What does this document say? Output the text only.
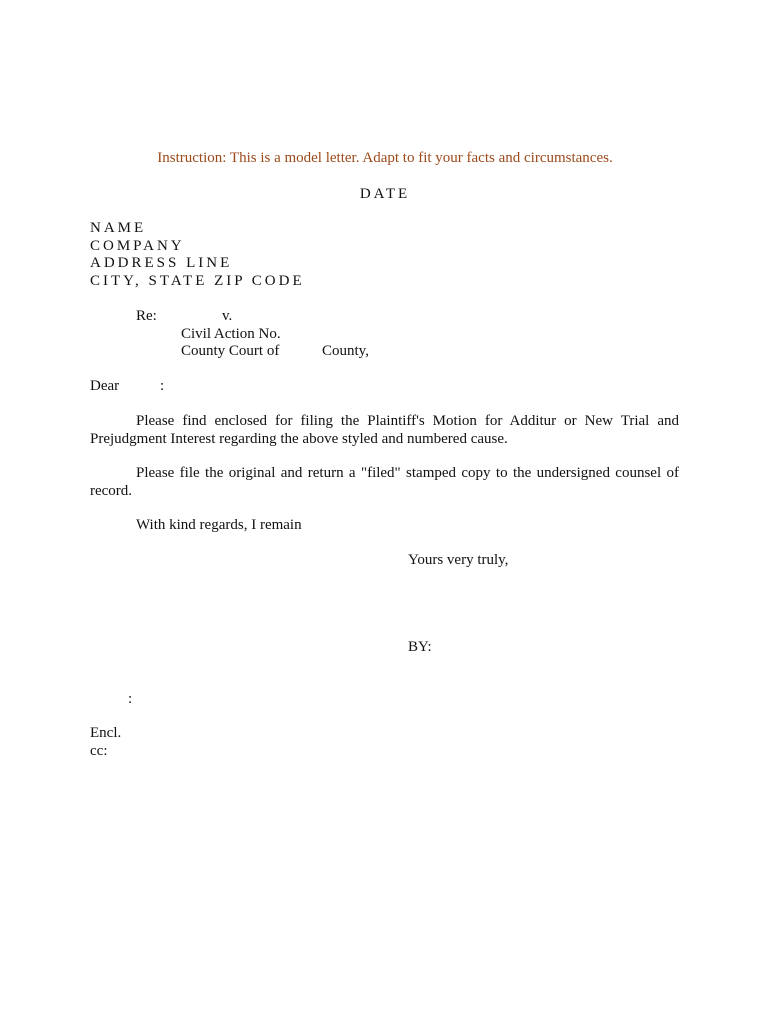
Instruction: This is a model letter. Adapt to fit your facts and circumstances.
DATE
NAME
COMPANY
ADDRESS LINE
CITY, STATE ZIP CODE
Re:	v.
Civil Action No.
County Court of	County,
Dear	:
Please find enclosed for filing the Plaintiff's Motion for Additur or New Trial and Prejudgment Interest regarding the above styled and numbered cause.
Please file the original and return a "filed" stamped copy to the undersigned counsel of record.
With kind regards, I remain
Yours very truly,
BY:
:
Encl.
cc:
